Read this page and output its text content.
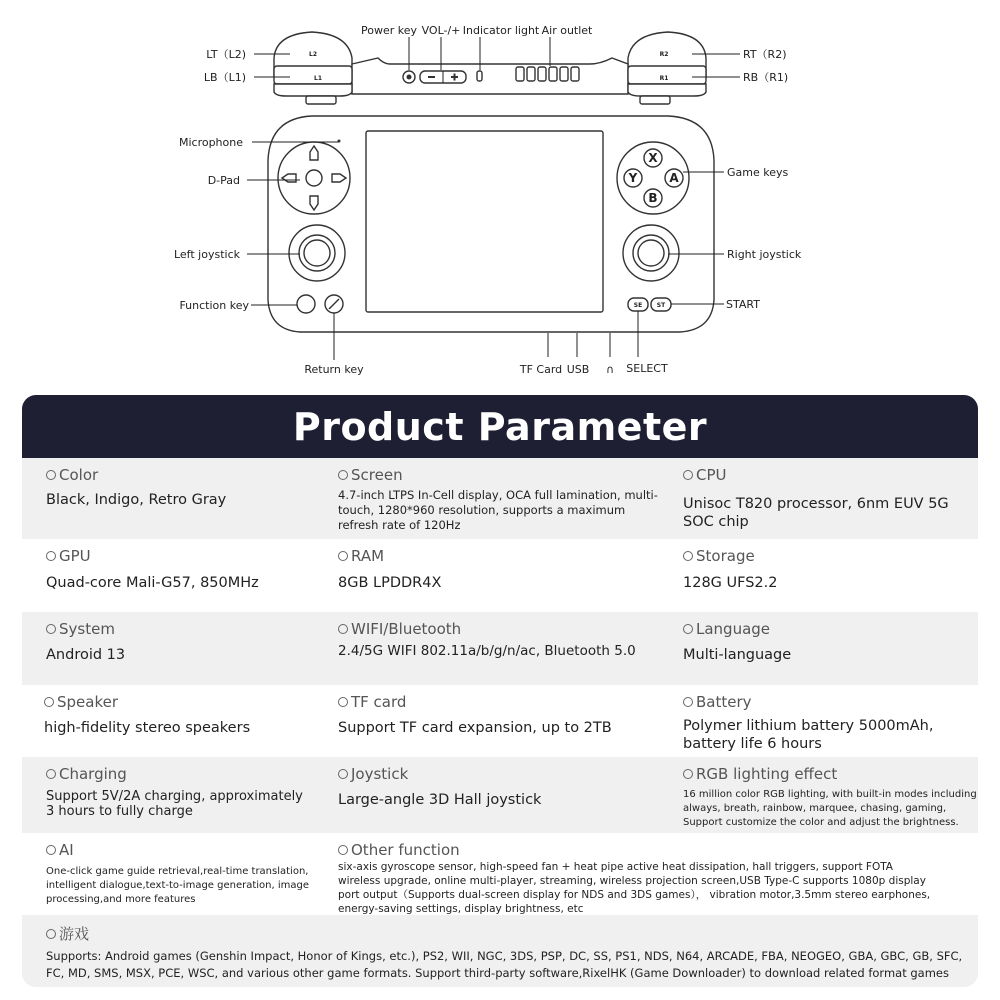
L2
L1
R2
R1
X
Y	A
B
SE ST
LT（L2)
LB（L1)
Power key VOL-/+ Indicator light Air outlet
RT（R2)
RB（R1)
Microphone
D-Pad
Game keys
Left joystick	Right joystick
Function key	START
Return key	TF Card USB ∩ SELECT
Product Parameter
Color
Black, Indigo, Retro Gray
Screen
4.7-inch LTPS In-Cell display, OCA full lamination, multi-touch, 1280*960 resolution, supports a maximum refresh rate of 120Hz
CPU
Unisoc T820 processor, 6nm EUV 5G SOC chip
GPU
Quad-core Mali-G57, 850MHz
RAM
8GB LPDDR4X
Storage
128G UFS2.2
System
Android 13
WIFI/Bluetooth
2.4/5G WIFI 802.11a/b/g/n/ac, Bluetooth 5.0
Language
Multi-language
Speaker
high-fidelity stereo speakers
TF card
Support TF card expansion, up to 2TB
Battery
Polymer lithium battery 5000mAh, battery life 6 hours
Charging
Support 5V/2A charging, approximately 3 hours to fully charge
Joystick
Large-angle 3D Hall joystick
RGB lighting effect
16 million color RGB lighting, with built-in modes including always, breath, rainbow, marquee, chasing, gaming, Support customize the color and adjust the brightness.
AI
One-click game guide retrieval,real-time translation, intelligent dialogue,text-to-image generation, image processing,and more features
Other function
six-axis gyroscope sensor, high-speed fan + heat pipe active heat dissipation, hall triggers, support FOTA wireless upgrade, online multi-player, streaming, wireless projection screen,USB Type-C supports 1080p display port output（Supports dual-screen display for NDS and 3DS games）， vibration motor,3.5mm stereo earphones, energy-saving settings, display brightness, etc
游戏
Supports: Android games (Genshin Impact, Honor of Kings, etc.), PS2, WII, NGC, 3DS, PSP, DC, SS, PS1, NDS, N64, ARCADE, FBA, NEOGEO, GBA, GBC, GB, SFC, FC, MD, SMS, MSX, PCE, WSC, and various other game formats. Support third-party software,RixelHK (Game Downloader) to download related format games
